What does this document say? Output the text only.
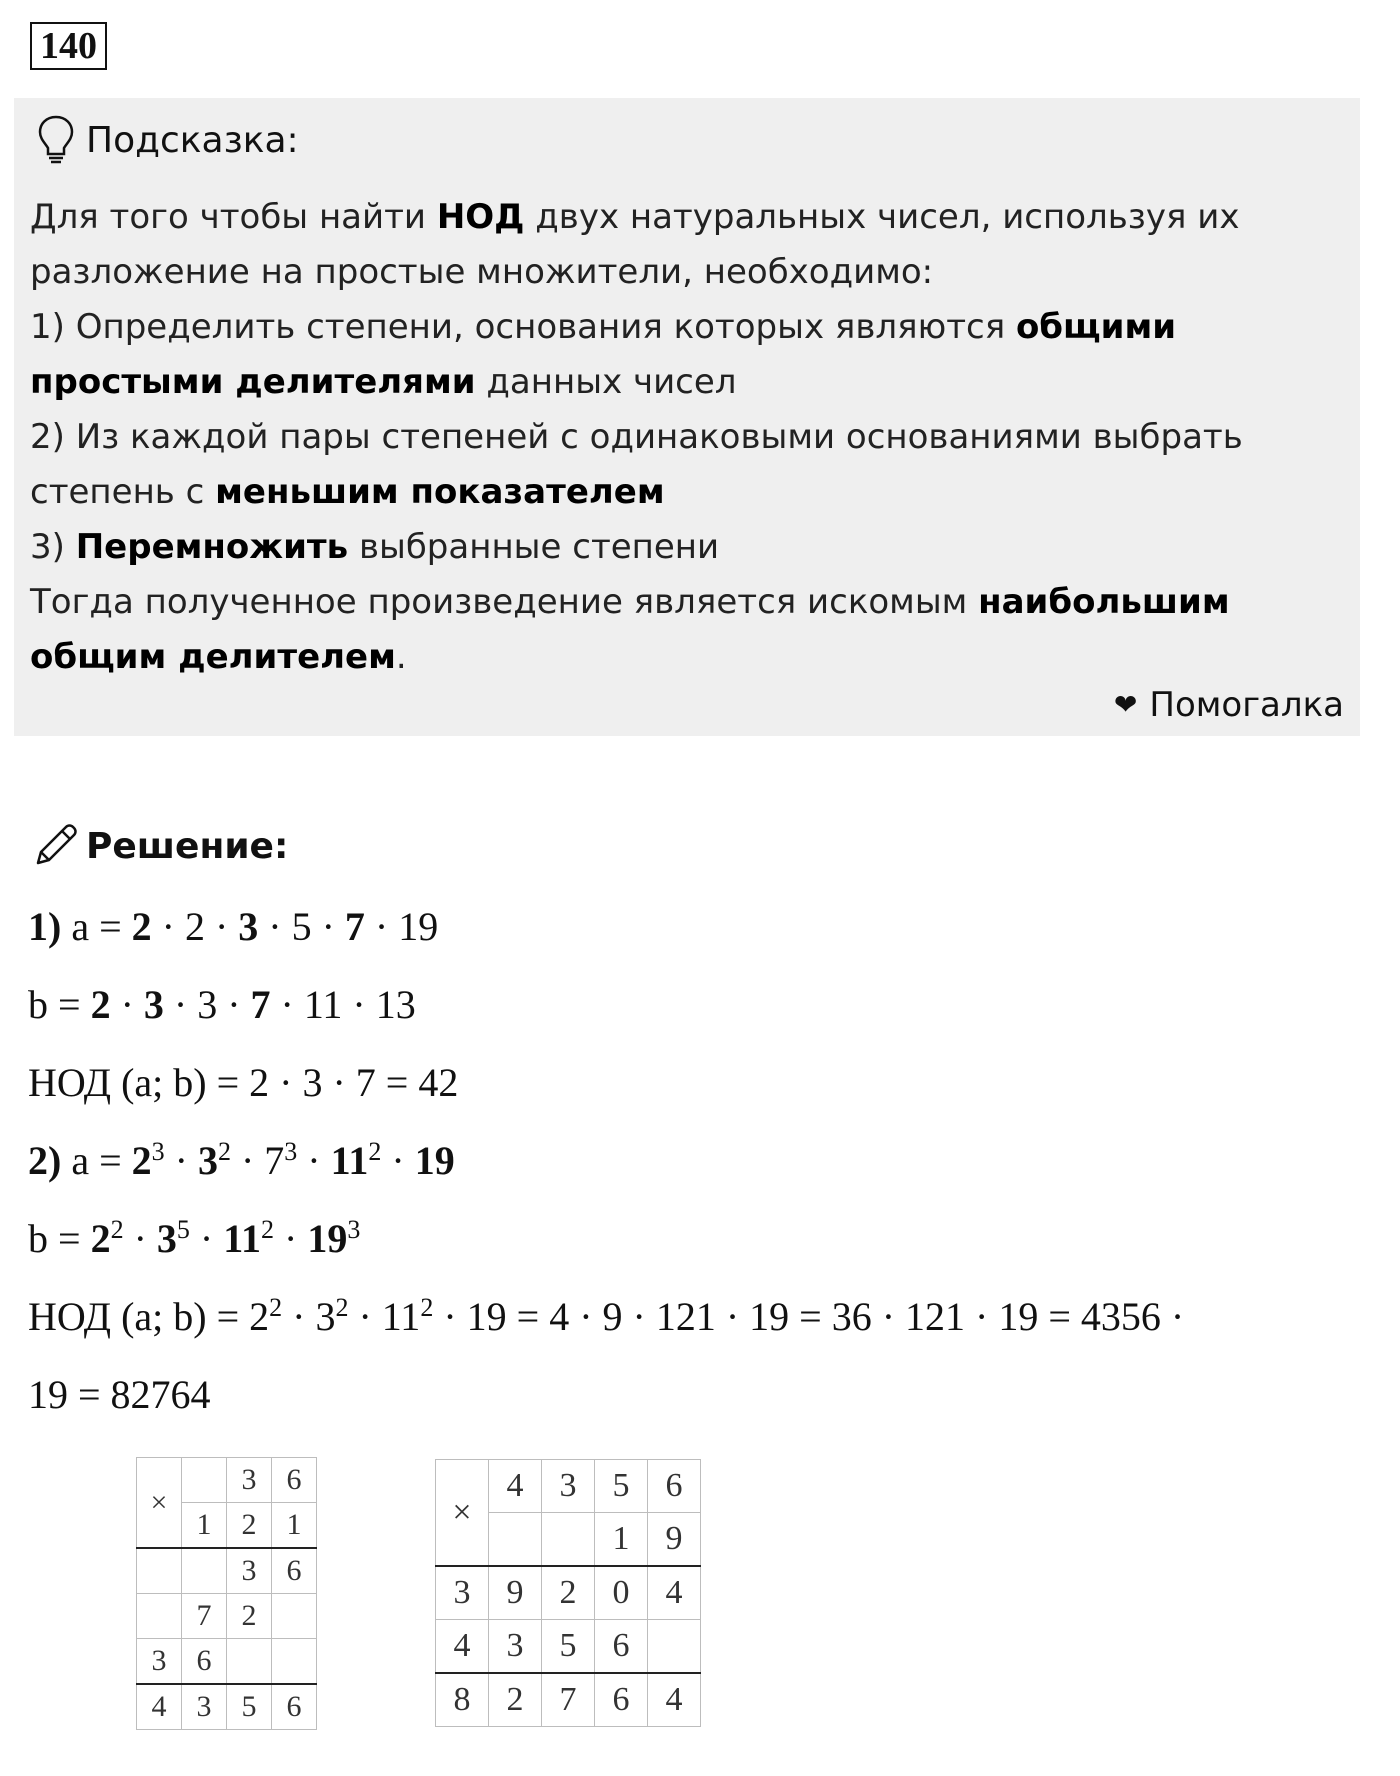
140
Подсказка:
Для того чтобы найти НОД двух натуральных чисел, используя их
разложение на простые множители, необходимо:
1) Определить степени, основания которых являются общими
простыми делителями данных чисел
2) Из каждой пары степеней с одинаковыми основаниями выбрать
степень с меньшим показателем
3) Перемножить выбранные степени
Тогда полученное произведение является искомым наибольшим
общим делителем.
❤ Помогалка
Решение:
1) a = 2 · 2 · 3 · 5 · 7 · 19
b = 2 · 3 · 3 · 7 · 11 · 13
НОД (a; b) = 2 · 3 · 7 = 42
2) $a = 2^3 \cdot 3^2 \cdot 7^3 \cdot 11^2 \cdot 19$
$b = 2^2 \cdot 3^5 \cdot 11^2 \cdot 19^3$
НОД (a; $b) = 2^2 \cdot 3^2 \cdot 11^2 \cdot 19 = 4 \cdot 9 \cdot 121 \cdot 19 = 36 \cdot 121 \cdot 19 = 4356$ ·
19 = 82764
×		3	6
	1	2	1
		3	6
	7	2	
3	6		
4	3	5	6
×	4	3	5	6
			1	9
3	9	2	0	4
4	3	5	6	
8	2	7	6	4
